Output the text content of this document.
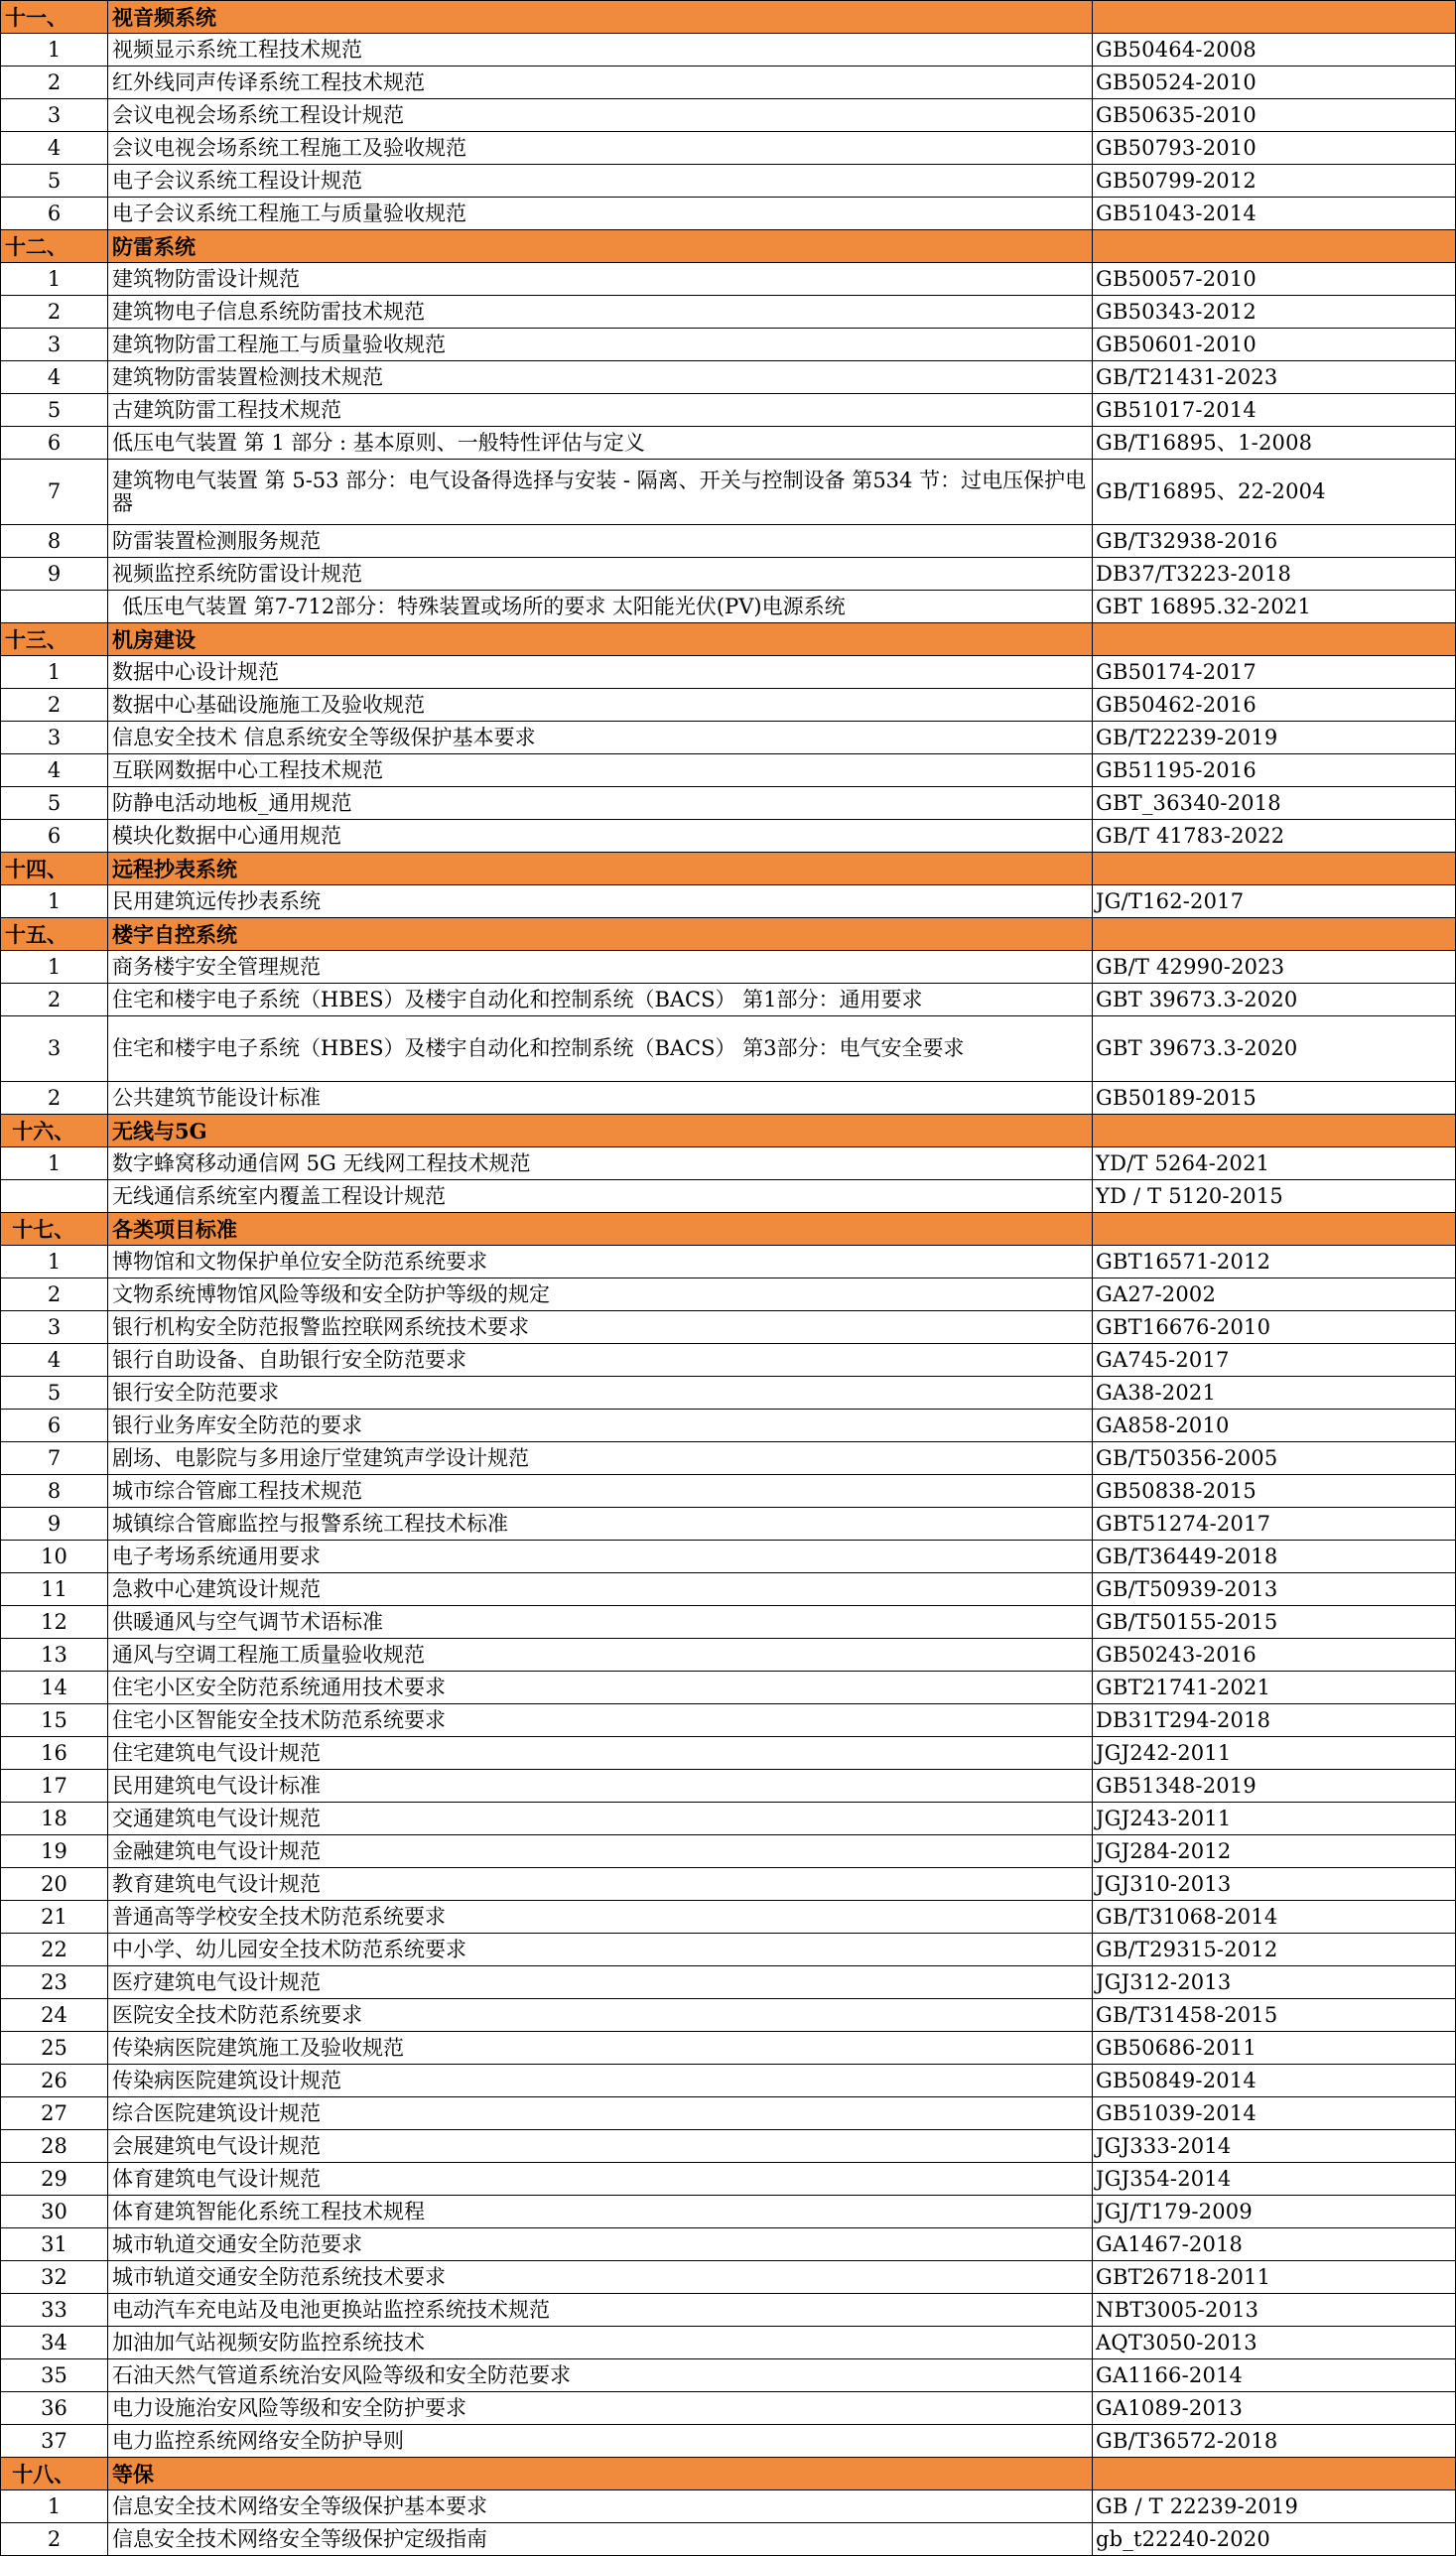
十一、	视音频系统	
1	视频显示系统工程技术规范	GB50464-2008
2	红外线同声传译系统工程技术规范	GB50524-2010
3	会议电视会场系统工程设计规范	GB50635-2010
4	会议电视会场系统工程施工及验收规范	GB50793-2010
5	电子会议系统工程设计规范	GB50799-2012
6	电子会议系统工程施工与质量验收规范	GB51043-2014
十二、	防雷系统	
1	建筑物防雷设计规范	GB50057-2010
2	建筑物电子信息系统防雷技术规范	GB50343-2012
3	建筑物防雷工程施工与质量验收规范	GB50601-2010
4	建筑物防雷装置检测技术规范	GB/T21431-2023
5	古建筑防雷工程技术规范	GB51017-2014
6	低压电气装置 第 1 部分 : 基本原则、一般特性评估与定义	GB/T16895、1-2008
7	建筑物电气装置 第 5-53 部分：电气设备得选择与安装 - 隔离、开关与控制设备 第534 节：过电压保护电器	GB/T16895、22-2004
8	防雷装置检测服务规范	GB/T32938-2016
9	视频监控系统防雷设计规范	DB37/T3223-2018
	低压电气装置 第7-712部分：特殊装置或场所的要求 太阳能光伏(PV)电源系统	GBT 16895.32-2021
十三、	机房建设	
1	数据中心设计规范	GB50174-2017
2	数据中心基础设施施工及验收规范	GB50462-2016
3	信息安全技术 信息系统安全等级保护基本要求	GB/T22239-2019
4	互联网数据中心工程技术规范	GB51195-2016
5	防静电活动地板_通用规范	GBT_36340-2018
6	模块化数据中心通用规范	GB/T 41783-2022
十四、	远程抄表系统	
1	民用建筑远传抄表系统	JG/T162-2017
十五、	楼宇自控系统	
1	商务楼宇安全管理规范	GB/T 42990-2023
2	住宅和楼宇电子系统（HBES）及楼宇自动化和控制系统（BACS） 第1部分：通用要求	GBT 39673.3-2020
3	住宅和楼宇电子系统（HBES）及楼宇自动化和控制系统（BACS） 第3部分：电气安全要求	GBT 39673.3-2020
2	公共建筑节能设计标准	GB50189-2015
十六、	无线与5G	
1	数字蜂窝移动通信网 5G 无线网工程技术规范	YD/T 5264-2021
	无线通信系统室内覆盖工程设计规范	YD / T 5120-2015
十七、	各类项目标准	
1	博物馆和文物保护单位安全防范系统要求	GBT16571-2012
2	文物系统博物馆风险等级和安全防护等级的规定	GA27-2002
3	银行机构安全防范报警监控联网系统技术要求	GBT16676-2010
4	银行自助设备、自助银行安全防范要求	GA745-2017
5	银行安全防范要求	GA38-2021
6	银行业务库安全防范的要求	GA858-2010
7	剧场、电影院与多用途厅堂建筑声学设计规范	GB/T50356-2005
8	城市综合管廊工程技术规范	GB50838-2015
9	城镇综合管廊监控与报警系统工程技术标准	GBT51274-2017
10	电子考场系统通用要求	GB/T36449-2018
11	急救中心建筑设计规范	GB/T50939-2013
12	供暖通风与空气调节术语标准	GB/T50155-2015
13	通风与空调工程施工质量验收规范	GB50243-2016
14	住宅小区安全防范系统通用技术要求	GBT21741-2021
15	住宅小区智能安全技术防范系统要求	DB31T294-2018
16	住宅建筑电气设计规范	JGJ242-2011
17	民用建筑电气设计标准	GB51348-2019
18	交通建筑电气设计规范	JGJ243-2011
19	金融建筑电气设计规范	JGJ284-2012
20	教育建筑电气设计规范	JGJ310-2013
21	普通高等学校安全技术防范系统要求	GB/T31068-2014
22	中小学、幼儿园安全技术防范系统要求	GB/T29315-2012
23	医疗建筑电气设计规范	JGJ312-2013
24	医院安全技术防范系统要求	GB/T31458-2015
25	传染病医院建筑施工及验收规范	GB50686-2011
26	传染病医院建筑设计规范	GB50849-2014
27	综合医院建筑设计规范	GB51039-2014
28	会展建筑电气设计规范	JGJ333-2014
29	体育建筑电气设计规范	JGJ354-2014
30	体育建筑智能化系统工程技术规程	JGJ/T179-2009
31	城市轨道交通安全防范要求	GA1467-2018
32	城市轨道交通安全防范系统技术要求	GBT26718-2011
33	电动汽车充电站及电池更换站监控系统技术规范	NBT3005-2013
34	加油加气站视频安防监控系统技术	AQT3050-2013
35	石油天然气管道系统治安风险等级和安全防范要求	GA1166-2014
36	电力设施治安风险等级和安全防护要求	GA1089-2013
37	电力监控系统网络安全防护导则	GB/T36572-2018
十八、	等保	
1	信息安全技术网络安全等级保护基本要求	GB / T 22239-2019
2	信息安全技术网络安全等级保护定级指南	gb_t22240-2020
